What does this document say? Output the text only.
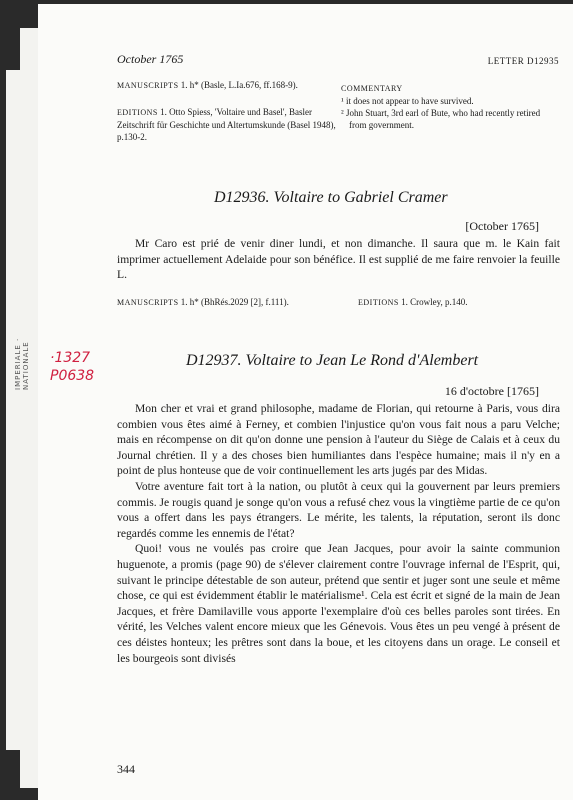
IMPERIALE · NATIONALE
October 1765	LETTER D12935
MANUSCRIPTS 1. h* (Basle, L.Ia.676, ff.168-9).
EDITIONS 1. Otto Spiess, 'Voltaire und Basel', Basler Zeitschrift für Geschichte und Altertumskunde (Basel 1948), p.130-2.
COMMENTARY
¹ it does not appear to have survived.
² John Stuart, 3rd earl of Bute, who had recently retired from government.
D12936. Voltaire to Gabriel Cramer
[October 1765]

Mr Caro est prié de venir diner lundi, et non dimanche. Il saura que m. le Kain fait imprimer actuellement Adelaide pour son bénéfice. Il est supplié de me faire renvoier la feuille L.

MANUSCRIPTS 1. h* (BhRés.2029 [2], f.111).	EDITIONS 1. Crowley, p.140.
·1327
P0638
D12937. Voltaire to Jean Le Rond d'Alembert
16 d'octobre [1765]

Mon cher et vrai et grand philosophe, madame de Florian, qui retourne à Paris, vous dira combien vous êtes aimé à Ferney, et combien l'injustice qu'on vous fait nous a paru Velche; mais en récompense on dit qu'on donne une pension à l'auteur du Siège de Calais et à ceux du Journal chrétien. Il y a des choses bien humiliantes dans l'espèce humaine; mais il n'y en a point de plus honteuse que de voir continuellement les arts jugés par des Midas.

Votre aventure fait tort à la nation, ou plutôt à ceux qui la gouvernent par leurs premiers commis. Je rougis quand je songe qu'on vous a refusé chez vous la vingtième partie de ce qu'on vous a offert dans les pays étrangers. Le mérite, les talents, la réputation, seront ils donc regardés comme les ennemis de l'état?

Quoi! vous ne voulés pas croire que Jean Jacques, pour avoir la sainte communion huguenote, a promis (page 90) de s'élever clairement contre l'ouvrage infernal de l'Esprit, qui, suivant le principe détestable de son auteur, prétend que sentir et juger sont une seule et même chose, ce qui est évidemment établir le matérialisme¹. Cela est écrit et signé de la main de Jean Jacques, et frère Damilaville vous apporte l'exemplaire d'où ces belles paroles sont tirées. En vérité, les Velches valent encore mieux que les Génevois. Vous êtes un peu vengé à présent de ces déistes honteux; les prêtres sont dans la boue, et les citoyens dans un orage. Le conseil et les bourgeois sont divisés

344
